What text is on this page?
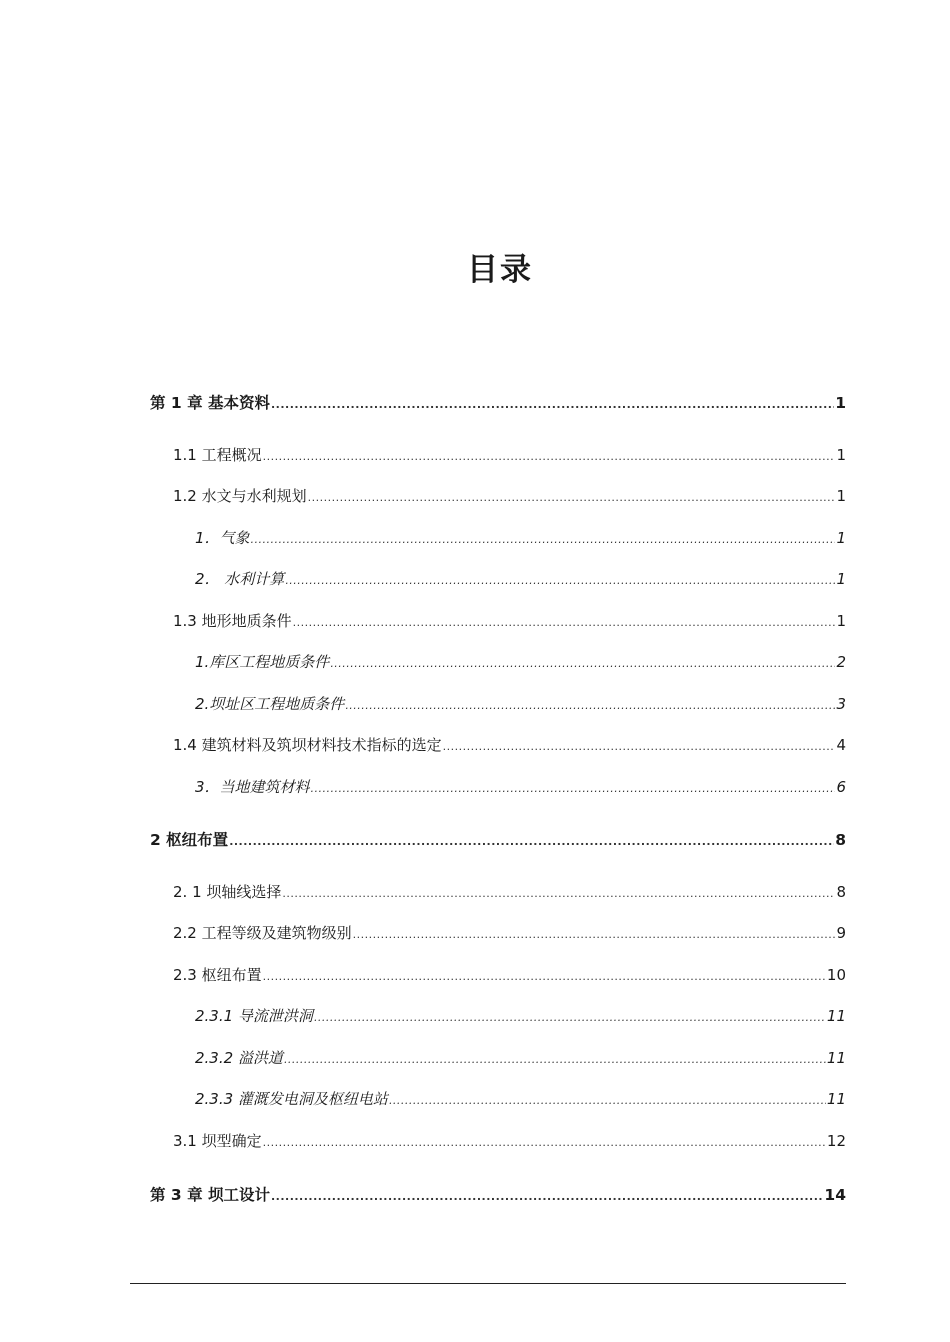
目录
第 1 章 基本资料 .....	1
1.1 工程概况 .....	1
1.2 水文与水利规划 .....	1
1．气象 .....	1
2． 水利计算 .....	1
1.3 地形地质条件 .....	1
1.库区工程地质条件 .....	2
2.坝址区工程地质条件 .....	3
1.4 建筑材料及筑坝材料技术指标的选定 .....	4
3．当地建筑材料 .....	6
2 枢纽布置 .....	8
2. 1 坝轴线选择 .....	8
2.2 工程等级及建筑物级别 .....	9
2.3 枢纽布置 .....	10
2.3.1 导流泄洪洞 .....	11
2.3.2 溢洪道 .....	11
2.3.3 灌溉发电洞及枢纽电站 .....	11
3.1 坝型确定 .....	12
第 3 章 坝工设计 .....	14
